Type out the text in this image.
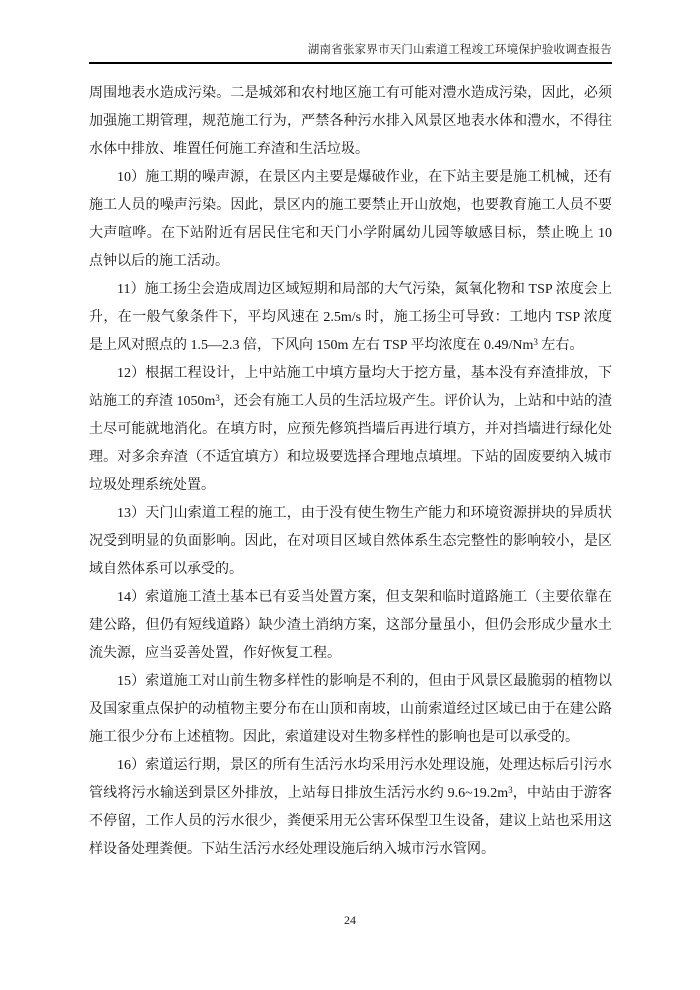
湖南省张家界市天门山索道工程竣工环境保护验收调查报告

周围地表水造成污染。二是城郊和农村地区施工有可能对澧水造成污染，因此，必须加强施工期管理，规范施工行为，严禁各种污水排入风景区地表水体和澧水，不得往水体中排放、堆置任何施工弃渣和生活垃圾。

10）施工期的噪声源，在景区内主要是爆破作业，在下站主要是施工机械，还有施工人员的噪声污染。因此，景区内的施工要禁止开山放炮，也要教育施工人员不要大声喧哗。在下站附近有居民住宅和天门小学附属幼儿园等敏感目标，禁止晚上 10 点钟以后的施工活动。

11）施工扬尘会造成周边区域短期和局部的大气污染，氮氧化物和 TSP 浓度会上升，在一般气象条件下，平均风速在 2.5m/s 时，施工扬尘可导致：工地内 TSP 浓度是上风对照点的 1.5—2.3 倍，下风向 150m 左右 TSP 平均浓度在 0.49/Nm$^3$ 左右。

12）根据工程设计，上中站施工中填方量均大于挖方量，基本没有弃渣排放，下站施工的弃渣 $1050m^3$，还会有施工人员的生活垃圾产生。评价认为，上站和中站的渣土尽可能就地消化。在填方时，应预先修筑挡墙后再进行填方，并对挡墙进行绿化处理。对多余弃渣（不适宜填方）和垃圾要选择合理地点填埋。下站的固废要纳入城市垃圾处理系统处置。

13）天门山索道工程的施工，由于没有使生物生产能力和环境资源拼块的异质状况受到明显的负面影响。因此，在对项目区域自然体系生态完整性的影响较小，是区域自然体系可以承受的。

14）索道施工渣土基本已有妥当处置方案，但支架和临时道路施工（主要依靠在建公路，但仍有短线道路）缺少渣土消纳方案，这部分量虽小，但仍会形成少量水土流失源，应当妥善处置，作好恢复工程。

15）索道施工对山前生物多样性的影响是不利的，但由于风景区最脆弱的植物以及国家重点保护的动植物主要分布在山顶和南坡，山前索道经过区域已由于在建公路施工很少分布上述植物。因此，索道建设对生物多样性的影响也是可以承受的。

16）索道运行期，景区的所有生活污水均采用污水处理设施，处理达标后引污水管线将污水输送到景区外排放，上站每日排放生活污水约 $9.6\sim 19.2m^3$，中站由于游客不停留，工作人员的污水很少，粪便采用无公害环保型卫生设备，建议上站也采用这样设备处理粪便。下站生活污水经处理设施后纳入城市污水管网。

24
